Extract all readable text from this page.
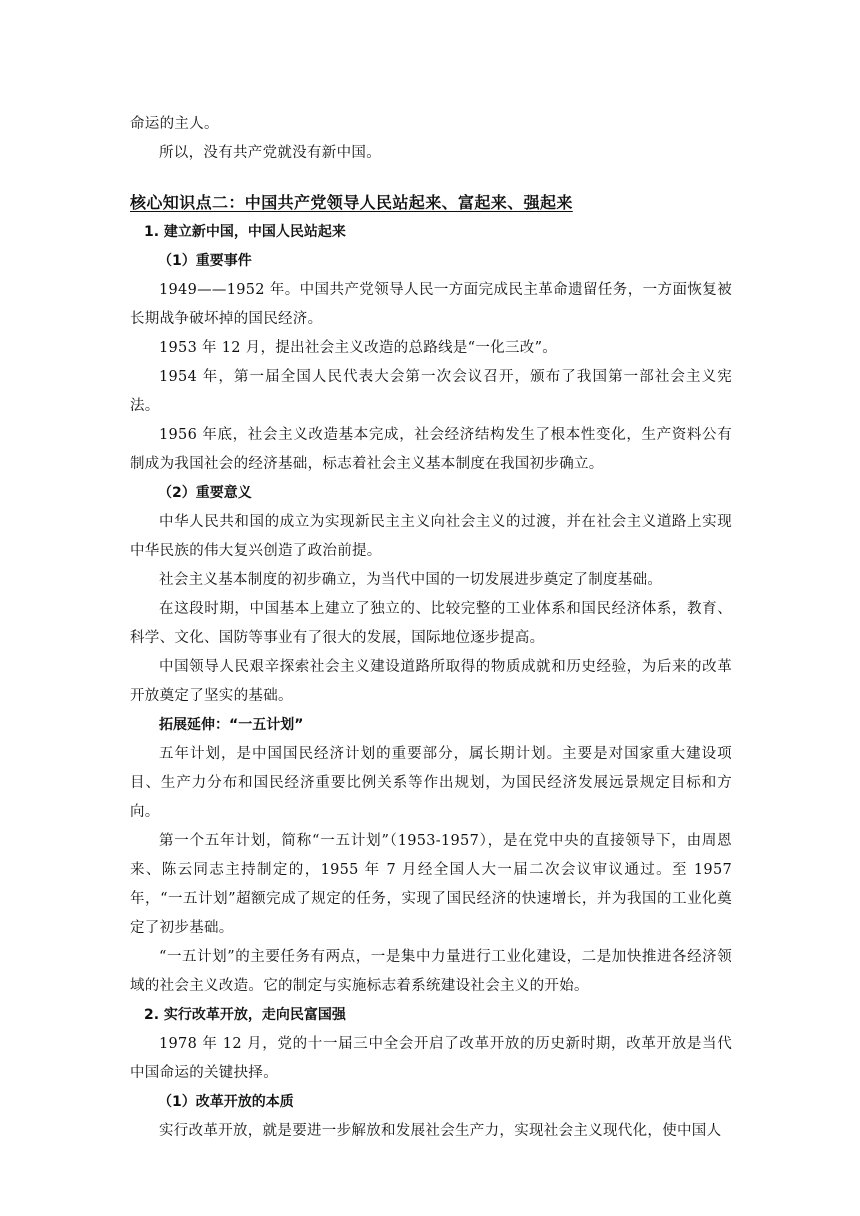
命运的主人。

所以，没有共产党就没有新中国。

核心知识点二：中国共产党领导人民站起来、富起来、强起来
1. 建立新中国，中国人民站起来
（1）重要事件

1949——1952 年。中国共产党领导人民一方面完成民主革命遗留任务，一方面恢复被长期战争破坏掉的国民经济。

1953 年 12 月，提出社会主义改造的总路线是“一化三改”。

1954 年，第一届全国人民代表大会第一次会议召开，颁布了我国第一部社会主义宪法。

1956 年底，社会主义改造基本完成，社会经济结构发生了根本性变化，生产资料公有制成为我国社会的经济基础，标志着社会主义基本制度在我国初步确立。

（2）重要意义

中华人民共和国的成立为实现新民主主义向社会主义的过渡，并在社会主义道路上实现中华民族的伟大复兴创造了政治前提。

社会主义基本制度的初步确立，为当代中国的一切发展进步奠定了制度基础。

在这段时期，中国基本上建立了独立的、比较完整的工业体系和国民经济体系，教育、科学、文化、国防等事业有了很大的发展，国际地位逐步提高。

中国领导人民艰辛探索社会主义建设道路所取得的物质成就和历史经验，为后来的改革开放奠定了坚实的基础。

拓展延伸：“一五计划”

五年计划，是中国国民经济计划的重要部分，属长期计划。主要是对国家重大建设项目、生产力分布和国民经济重要比例关系等作出规划，为国民经济发展远景规定目标和方向。

第一个五年计划，简称“一五计划”（1953-1957），是在党中央的直接领导下，由周恩来、陈云同志主持制定的，1955 年 7 月经全国人大一届二次会议审议通过。至 1957 年，“一五计划”超额完成了规定的任务，实现了国民经济的快速增长，并为我国的工业化奠定了初步基础。

“一五计划”的主要任务有两点，一是集中力量进行工业化建设，二是加快推进各经济领域的社会主义改造。它的制定与实施标志着系统建设社会主义的开始。

2. 实行改革开放，走向民富国强

1978 年 12 月，党的十一届三中全会开启了改革开放的历史新时期，改革开放是当代中国命运的关键抉择。

（1）改革开放的本质

实行改革开放，就是要进一步解放和发展社会生产力，实现社会主义现代化，使中国人
